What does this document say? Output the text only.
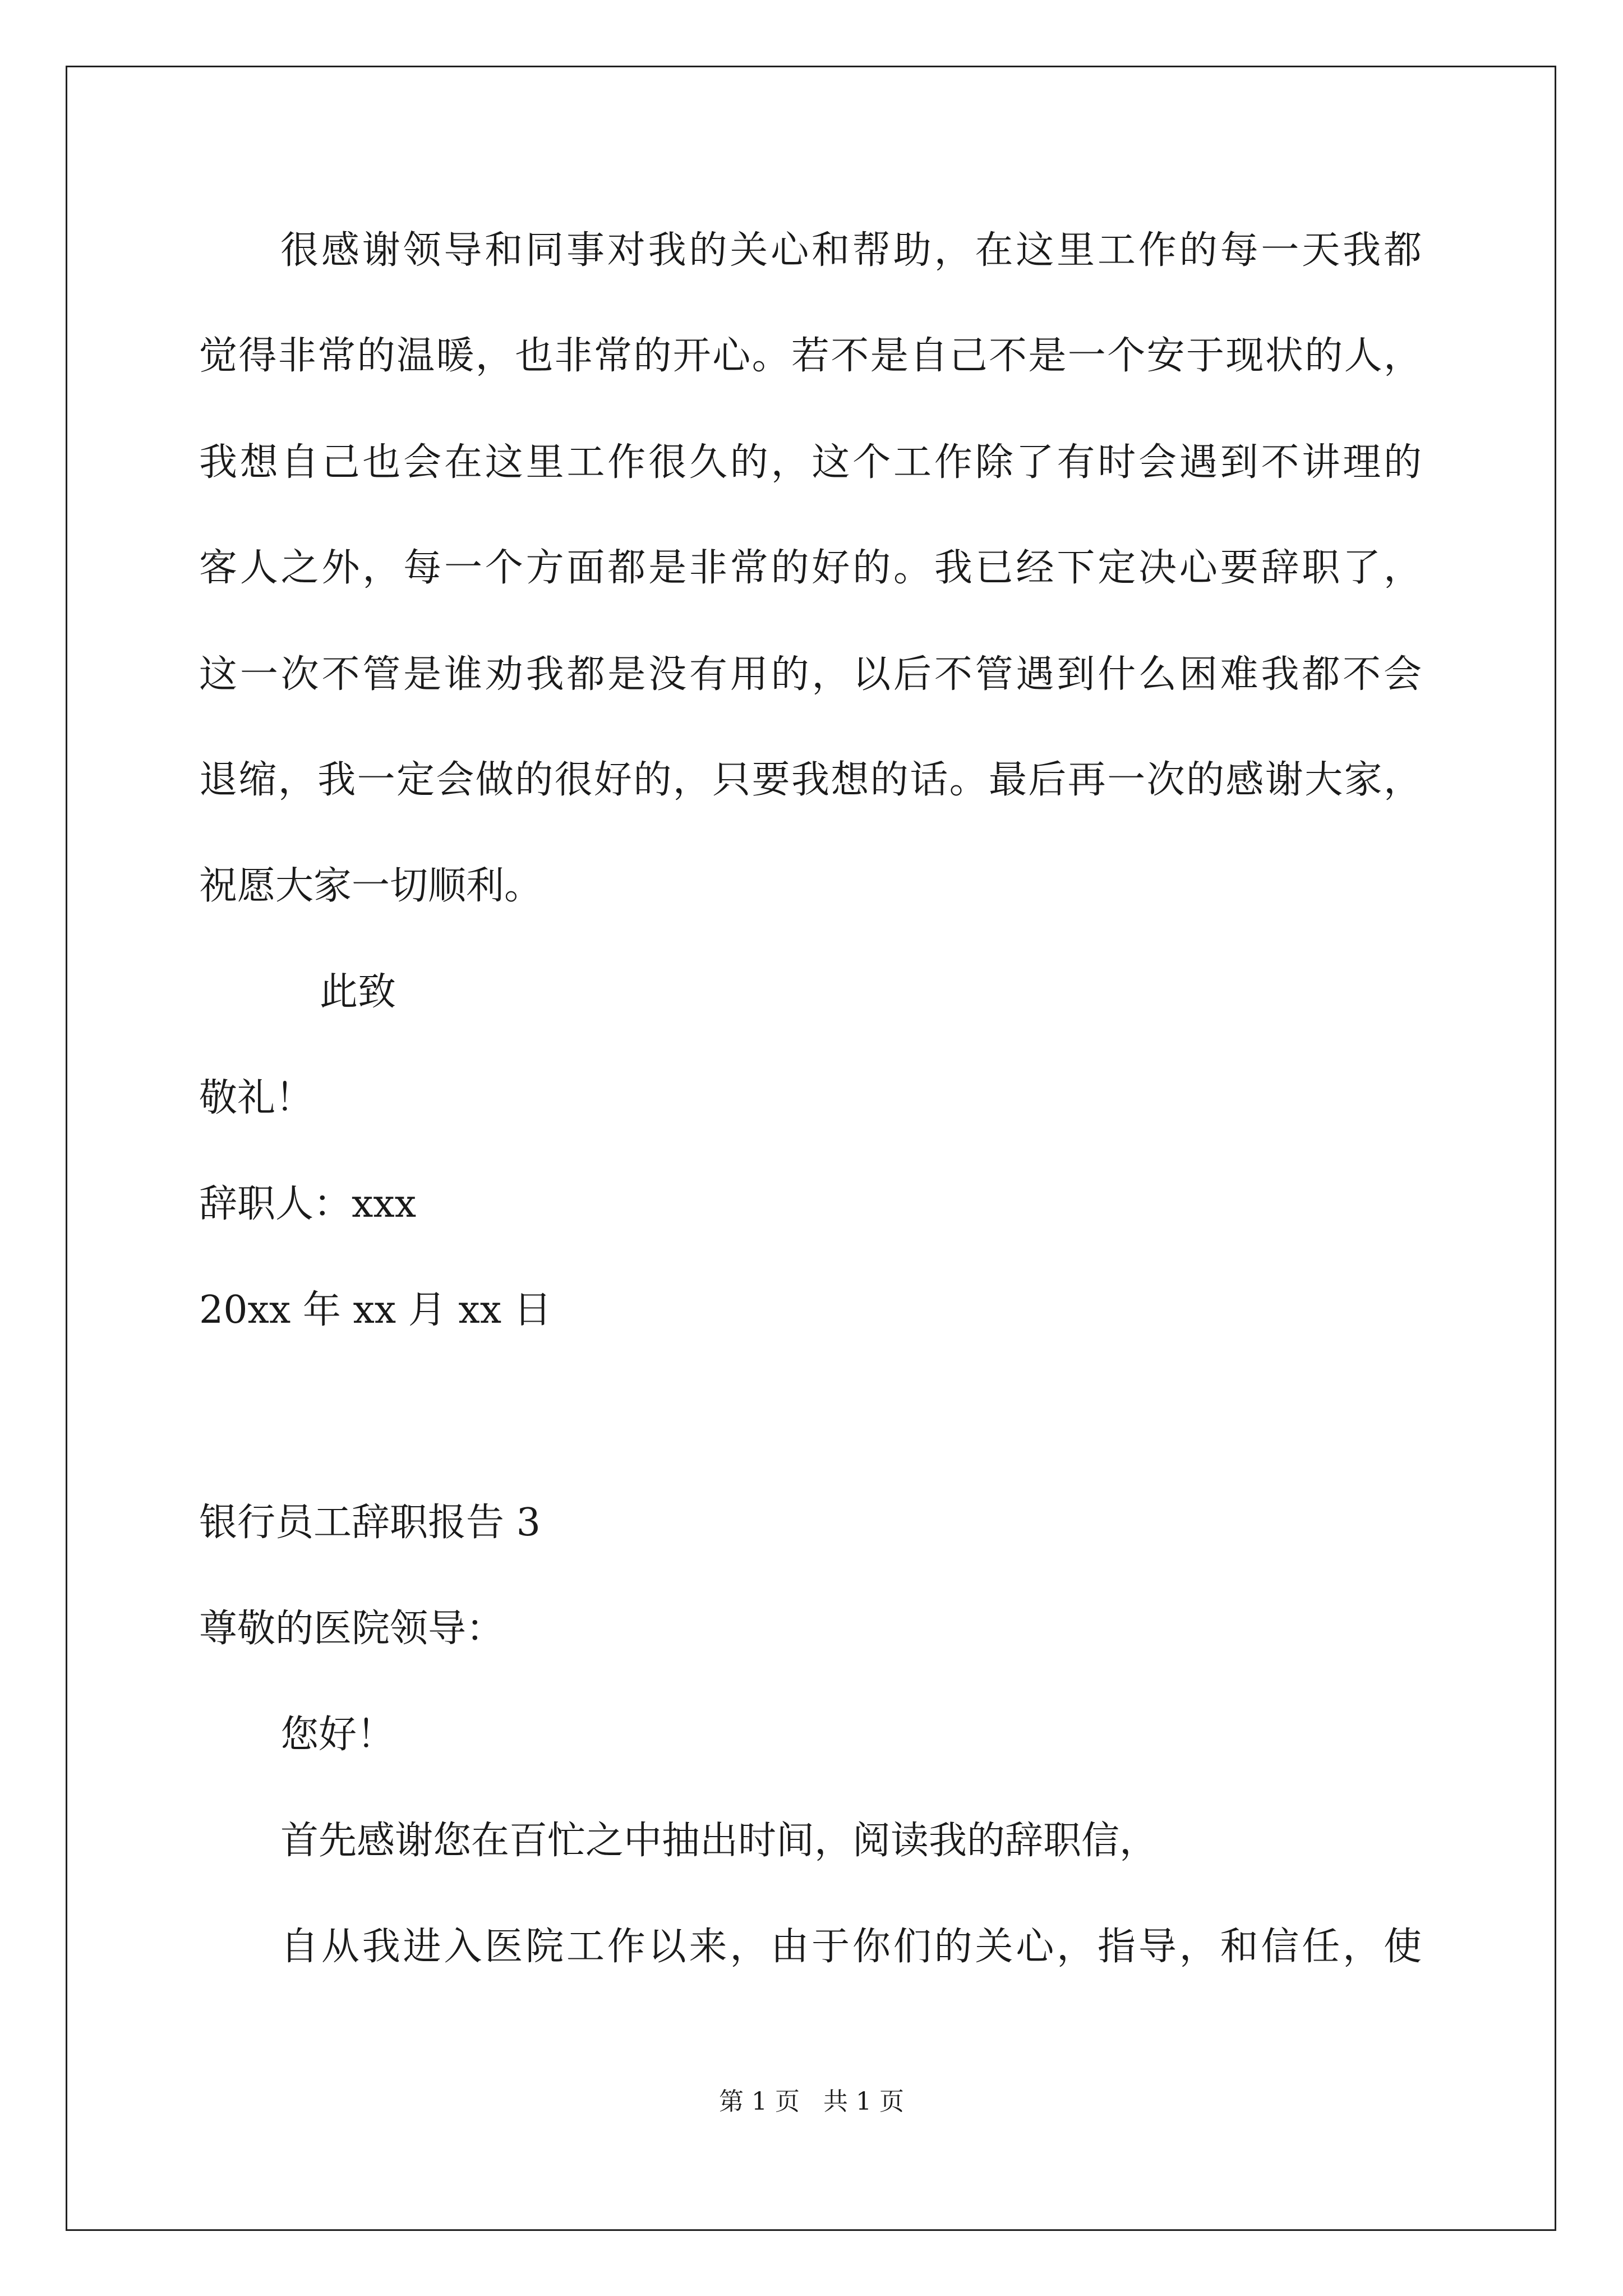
很感谢领导和同事对我的关心和帮助，在这里工作的每一天我都
觉得非常的温暖，也非常的开心。若不是自己不是一个安于现状的人，
我想自己也会在这里工作很久的，这个工作除了有时会遇到不讲理的
客人之外，每一个方面都是非常的好的。我已经下定决心要辞职了，
这一次不管是谁劝我都是没有用的，以后不管遇到什么困难我都不会
退缩，我一定会做的很好的，只要我想的话。最后再一次的感谢大家，
祝愿大家一切顺利。
此致
敬礼！
辞职人：xxx
20xx 年 xx 月 xx 日
银行员工辞职报告 3
尊敬的医院领导：
您好！
首先感谢您在百忙之中抽出时间，阅读我的辞职信，
自从我进入医院工作以来，由于你们的关心，指导，和信任，使
第 1 页   共 1 页
